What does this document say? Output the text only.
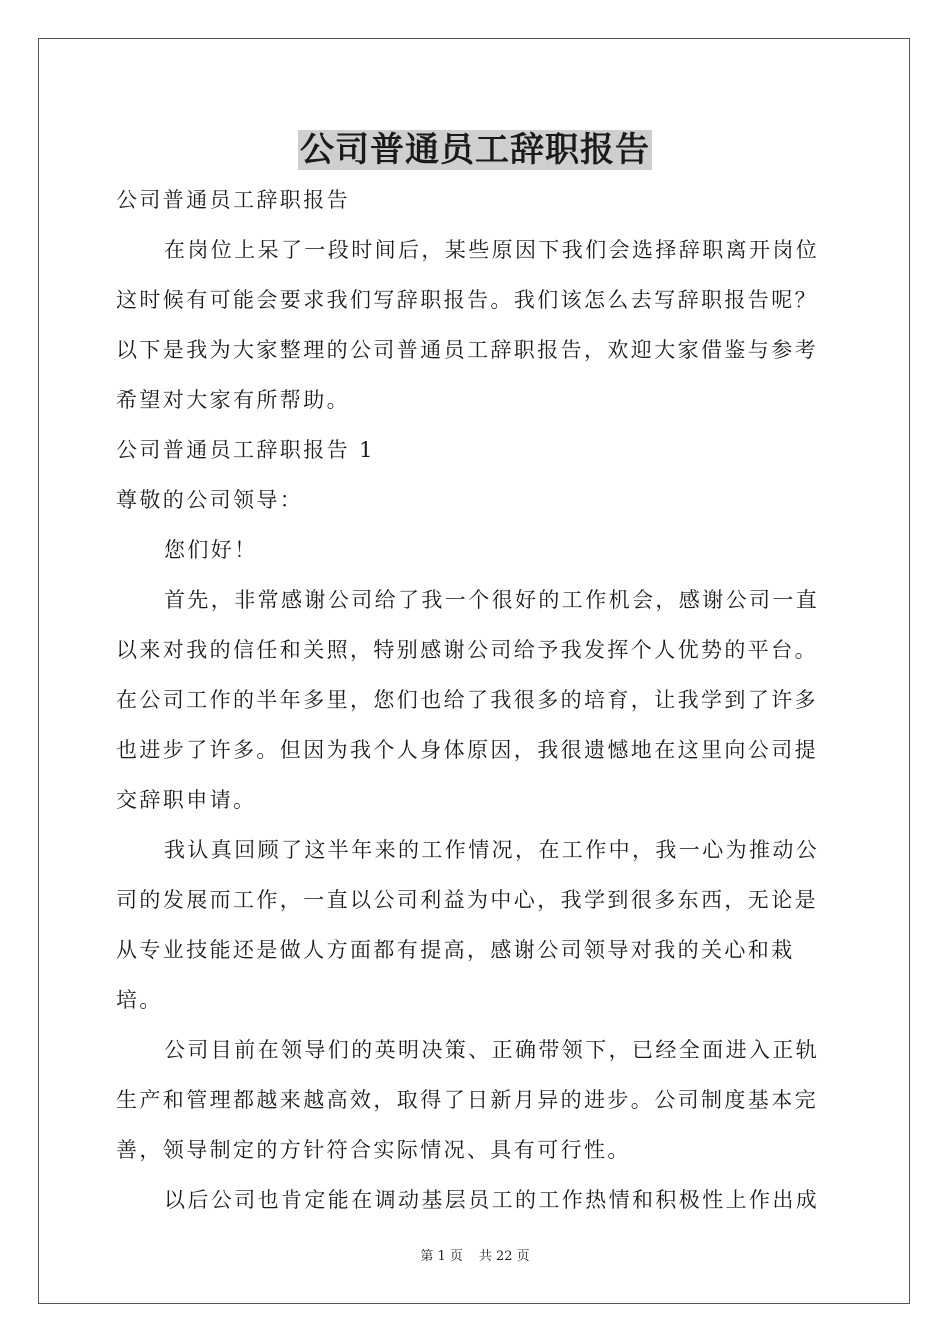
公司普通员工辞职报告

公司普通员工辞职报告

在岗位上呆了一段时间后，某些原因下我们会选择辞职离开岗位这时候有可能会要求我们写辞职报告。我们该怎么去写辞职报告呢？以下是我为大家整理的公司普通员工辞职报告，欢迎大家借鉴与参考希望对大家有所帮助。

公司普通员工辞职报告 1

尊敬的公司领导：

您们好！

首先，非常感谢公司给了我一个很好的工作机会，感谢公司一直以来对我的信任和关照，特别感谢公司给予我发挥个人优势的平台。在公司工作的半年多里，您们也给了我很多的培育，让我学到了许多也进步了许多。但因为我个人身体原因，我很遗憾地在这里向公司提交辞职申请。

我认真回顾了这半年来的工作情况，在工作中，我一心为推动公司的发展而工作，一直以公司利益为中心，我学到很多东西，无论是从专业技能还是做人方面都有提高，感谢公司领导对我的关心和栽培。

公司目前在领导们的英明决策、正确带领下，已经全面进入正轨生产和管理都越来越高效，取得了日新月异的进步。公司制度基本完善，领导制定的方针符合实际情况、具有可行性。

以后公司也肯定能在调动基层员工的工作热情和积极性上作出成

第 1 页 共 22 页
